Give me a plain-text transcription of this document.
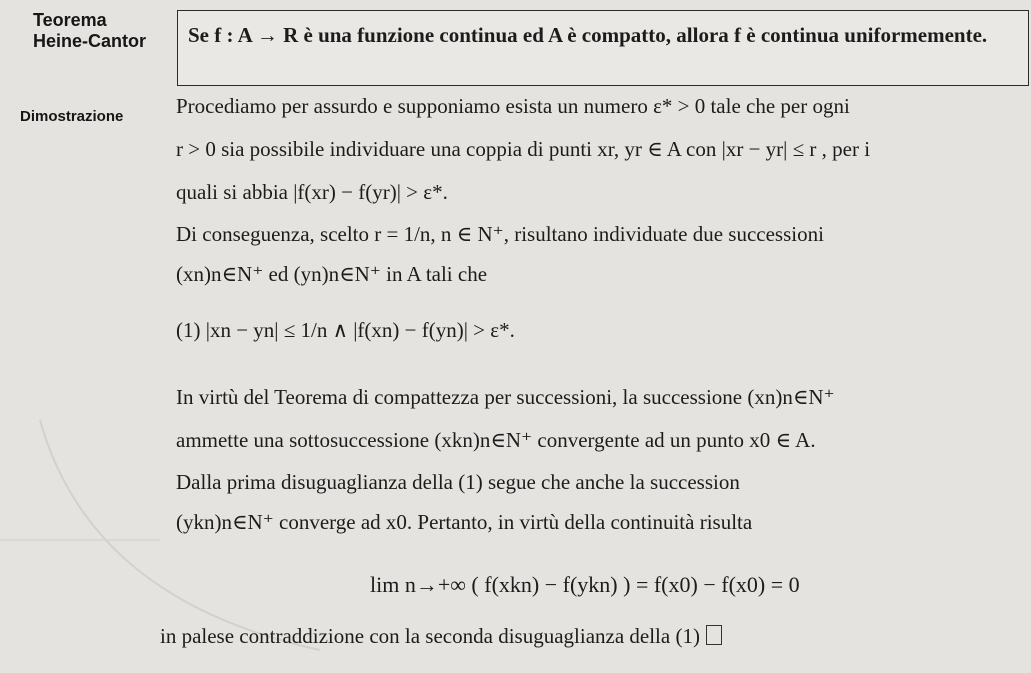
Teorema
Heine-Cantor Se f : A → R è una funzione continua ed A è compatto, allora f è continua uniformemente.
Dimostrazione	Procediamo per assurdo e supponiamo esista un numero ε* > 0 tale che per ogni
r > 0 sia possibile individuare una coppia di punti xr, yr ∈ A con |xr − yr| ≤ r , per i
quali si abbia |f(xr) − f(yr)| > ε*.
Di conseguenza, scelto r = 1/n, n ∈ N⁺, risultano individuate due successioni
(xn)n∈N⁺ ed (yn)n∈N⁺ in A tali che
(1) |xn − yn| ≤ 1/n ∧ |f(xn) − f(yn)| > ε*.
In virtù del Teorema di compattezza per successioni, la successione (xn)n∈N⁺
ammette una sottosuccessione (xkn)n∈N⁺ convergente ad un punto x0 ∈ A.
Dalla prima disuguaglianza della (1) segue che anche la succession
(ykn)n∈N⁺ converge ad x0. Pertanto, in virtù della continuità risulta
lim n→+∞ ( f(xkn) − f(ykn) ) = f(x0) − f(x0) = 0
in palese contraddizione con la seconda disuguaglianza della (1)
